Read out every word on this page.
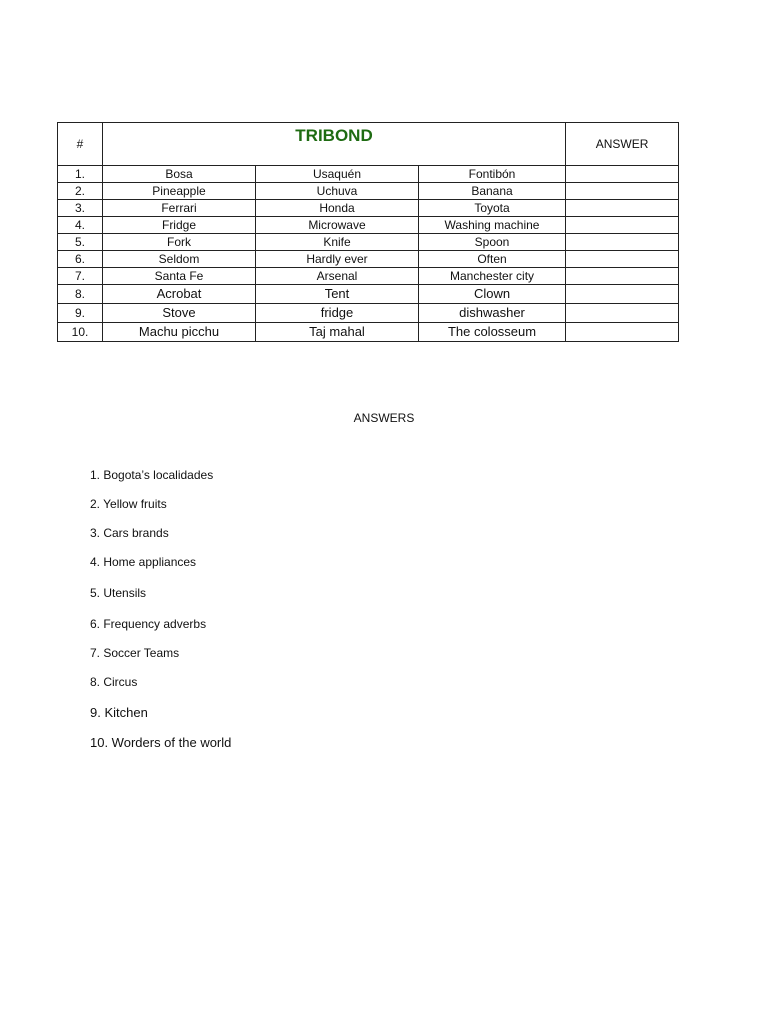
#	TRIBOND			ANSWER
1.	Bosa	Usaquén	Fontibón	
2.	Pineapple	Uchuva	Banana	
3.	Ferrari	Honda	Toyota	
4.	Fridge	Microwave	Washing machine	
5.	Fork	Knife	Spoon	
6.	Seldom	Hardly ever	Often	
7.	Santa Fe	Arsenal	Manchester city	
8.	Acrobat	Tent	Clown	
9.	Stove	fridge	dishwasher	
10.	Machu picchu	Taj mahal	The colosseum	
ANSWERS
1. Bogota’s localidades
2. Yellow fruits
3. Cars brands
4. Home appliances
5. Utensils
6. Frequency adverbs
7. Soccer Teams
8. Circus
9. Kitchen
10. Worders of the world
